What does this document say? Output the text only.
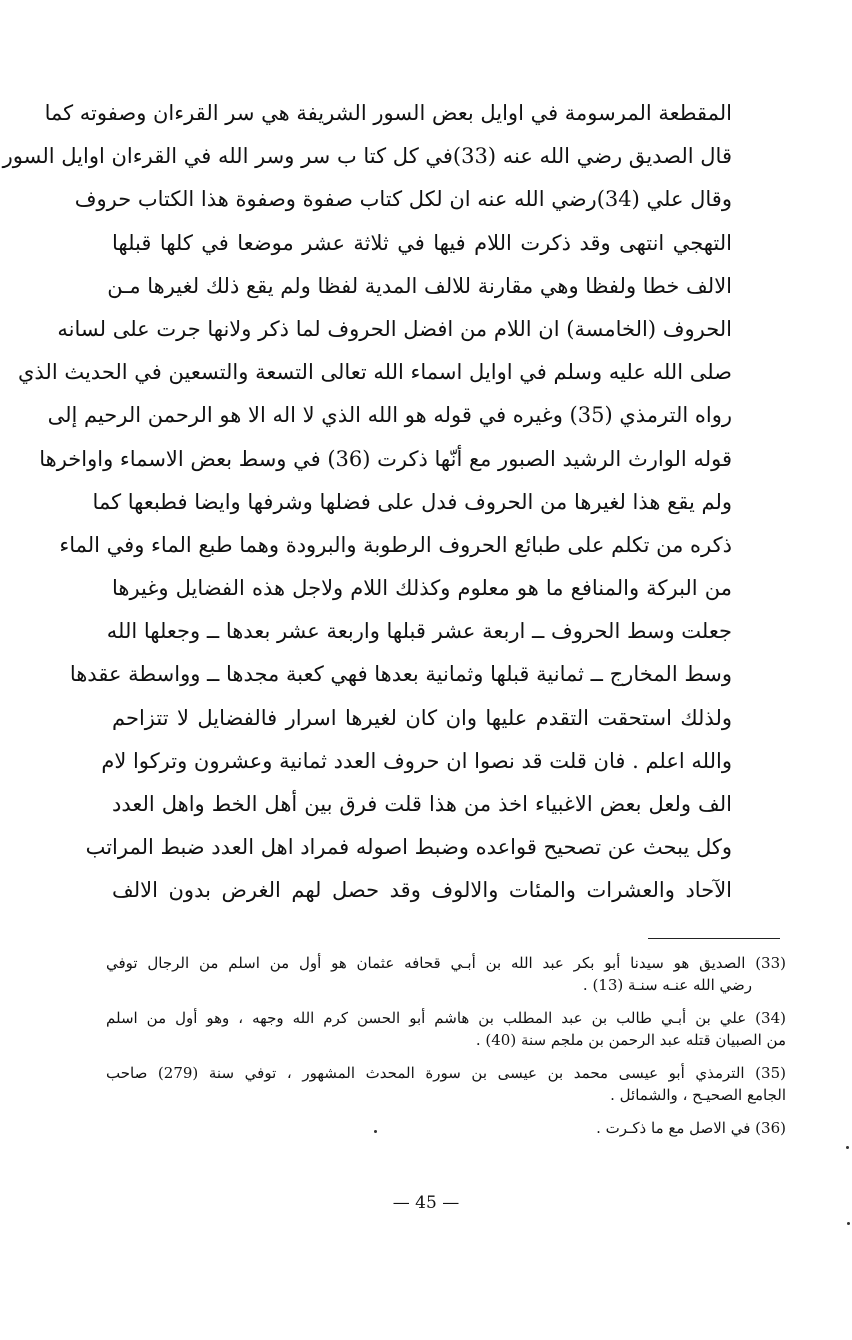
المقطعة المرسومة في اوايل بعض السور الشريفة هي سر القرءان وصفوته كما
قال الصديق رضي الله عنه (33)في كل كتا ب سر وسر الله في القرءان اوايل السور
وقال علي (34)رضي الله عنه ان لكل كتاب صفوة وصفوة هذا الكتاب حروف
التهجي انتهى وقد ذكرت اللام فيها في ثلاثة عشر موضعا في كلها قبلها
الالف خطا ولفظا وهي مقارنة للالف المدية لفظا ولم يقع ذلك لغيرها مـن
الحروف (الخامسة) ان اللام من افضل الحروف لما ذكر ولانها جرت على لسانه
صلى الله عليه وسلم في اوايل اسماء الله تعالى التسعة والتسعين في الحديث الذي
رواه الترمذي (35) وغيره في قوله هو الله الذي لا اله الا هو الرحمن الرحيم إلى
قوله الوارث الرشيد الصبور مع أنّها ذكرت (36) في وسط بعض الاسماء واواخرها
ولم يقع هذا لغيرها من الحروف فدل على فضلها وشرفها وايضا فطبعها كما
ذكره من تكلم على طبائع الحروف الرطوبة والبرودة وهما طبع الماء وفي الماء
من البركة والمنافع ما هو معلوم وكذلك اللام ولاجل هذه الفضايل وغيرها
جعلت وسط الحروف ــ اربعة عشر قبلها واربعة عشر بعدها ــ وجعلها الله
وسط المخارج ــ ثمانية قبلها وثمانية بعدها فهي كعبة مجدها ــ وواسطة عقدها
ولذلك استحقت التقدم عليها وان كان لغيرها اسرار فالفضايل لا تتزاحم
والله اعلم . فان قلت قد نصوا ان حروف العدد ثمانية وعشرون وتركوا لام
الف ولعل بعض الاغبياء اخذ من هذا قلت فرق بين أهل الخط واهل العدد
وكل يبحث عن تصحيح قواعده وضبط اصوله فمراد اهل العدد ضبط المراتب
الآحاد والعشرات والمئات والالوف وقد حصل لهم الغرض بدون الالف
(33) الصديق هو سيدنا أبو بكر عبد الله بن أبـي قحافه عثمان هو أول من اسلم من الرجال توفي
رضي الله عنـه سنـة (13) .
(34) علي بن أبـي طالب بن عبد المطلب بن هاشم أبو الحسن كرم الله وجهه ، وهو أول من اسلم
من الصبيان قتله عبد الرحمن بن ملجم سنة (40) .
(35) الترمذي أبو عيسى محمد بن عيسى بن سورة المحدث المشهور ، توفي سنة (279) صاحب
الجامع الصحيـح ، والشمائل .
(36) في الاصل مع ما ذكـرت .
— 45 —
